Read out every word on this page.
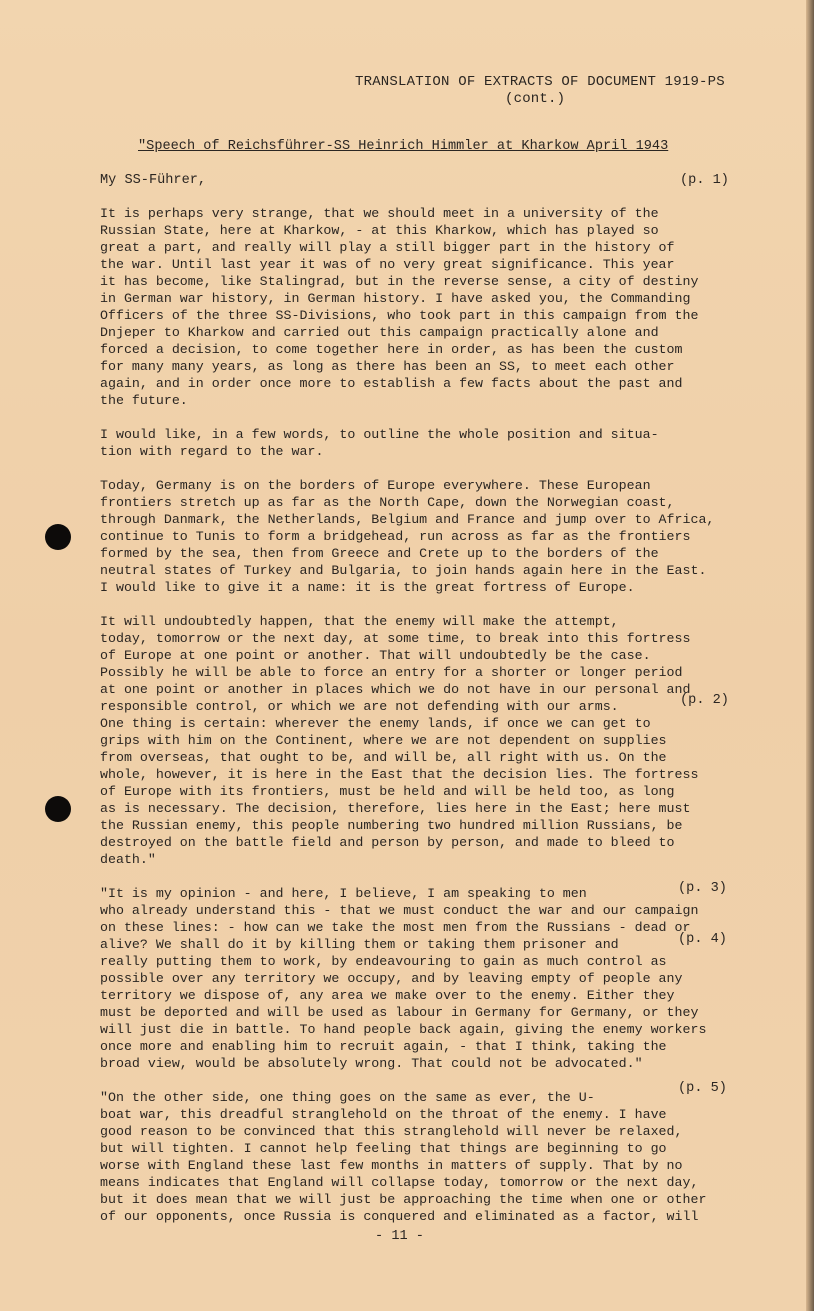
TRANSLATION OF EXTRACTS OF DOCUMENT 1919-PS
(cont.)
"Speech of Reichsführer-SS Heinrich Himmler at Kharkow April 1943
My SS-Führer,	(p. 1)
(p. 2)
(p. 3)
(p. 4)
(p. 5)
It is perhaps very strange, that we should meet in a university of the
Russian State, here at Kharkow, - at this Kharkow, which has played so
great a part, and really will play a still bigger part in the history of
the war. Until last year it was of no very great significance. This year
it has become, like Stalingrad, but in the reverse sense, a city of destiny
in German war history, in German history. I have asked you, the Commanding
Officers of the three SS-Divisions, who took part in this campaign from the
Dnjeper to Kharkow and carried out this campaign practically alone and
forced a decision, to come together here in order, as has been the custom
for many many years, as long as there has been an SS, to meet each other
again, and in order once more to establish a few facts about the past and
the future.
I would like, in a few words, to outline the whole position and situa-
tion with regard to the war.
Today, Germany is on the borders of Europe everywhere. These European
frontiers stretch up as far as the North Cape, down the Norwegian coast,
through Danmark, the Netherlands, Belgium and France and jump over to Africa,
continue to Tunis to form a bridgehead, run across as far as the frontiers
formed by the sea, then from Greece and Crete up to the borders of the
neutral states of Turkey and Bulgaria, to join hands again here in the East.
I would like to give it a name: it is the great fortress of Europe.
It will undoubtedly happen, that the enemy will make the attempt,
today, tomorrow or the next day, at some time, to break into this fortress
of Europe at one point or another. That will undoubtedly be the case.
Possibly he will be able to force an entry for a shorter or longer period
at one point or another in places which we do not have in our personal and
responsible control, or which we are not defending with our arms.
One thing is certain: wherever the enemy lands, if once we can get to
grips with him on the Continent, where we are not dependent on supplies
from overseas, that ought to be, and will be, all right with us. On the
whole, however, it is here in the East that the decision lies. The fortress
of Europe with its frontiers, must be held and will be held too, as long
as is necessary. The decision, therefore, lies here in the East; here must
the Russian enemy, this people numbering two hundred million Russians, be
destroyed on the battle field and person by person, and made to bleed to
death."
"It is my opinion - and here, I believe, I am speaking to men
who already understand this - that we must conduct the war and our campaign
on these lines: - how can we take the most men from the Russians - dead or
alive? We shall do it by killing them or taking them prisoner and
really putting them to work, by endeavouring to gain as much control as
possible over any territory we occupy, and by leaving empty of people any
territory we dispose of, any area we make over to the enemy. Either they
must be deported and will be used as labour in Germany for Germany, or they
will just die in battle. To hand people back again, giving the enemy workers
once more and enabling him to recruit again, - that I think, taking the
broad view, would be absolutely wrong. That could not be advocated."
"On the other side, one thing goes on the same as ever, the U-
boat war, this dreadful stranglehold on the throat of the enemy. I have
good reason to be convinced that this stranglehold will never be relaxed,
but will tighten. I cannot help feeling that things are beginning to go
worse with England these last few months in matters of supply. That by no
means indicates that England will collapse today, tomorrow or the next day,
but it does mean that we will just be approaching the time when one or other
of our opponents, once Russia is conquered and eliminated as a factor, will
- 11 -
